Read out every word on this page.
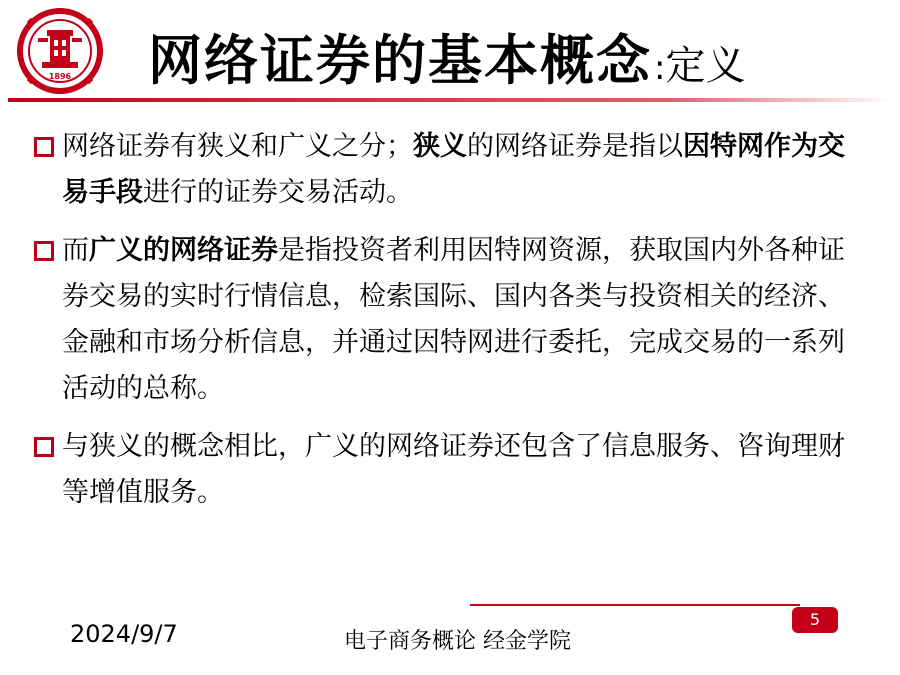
1896 网络证券的基本概念:定义
网络证券有狭义和广义之分；狭义的网络证券是指以因特网作为交易手段进行的证券交易活动。
而广义的网络证券是指投资者利用因特网资源，获取国内外各种证券交易的实时行情信息，检索国际、国内各类与投资相关的经济、金融和市场分析信息，并通过因特网进行委托，完成交易的一系列活动的总称。
与狭义的概念相比，广义的网络证券还包含了信息服务、咨询理财等增值服务。
5
2024/9/7	电子商务概论 经金学院
